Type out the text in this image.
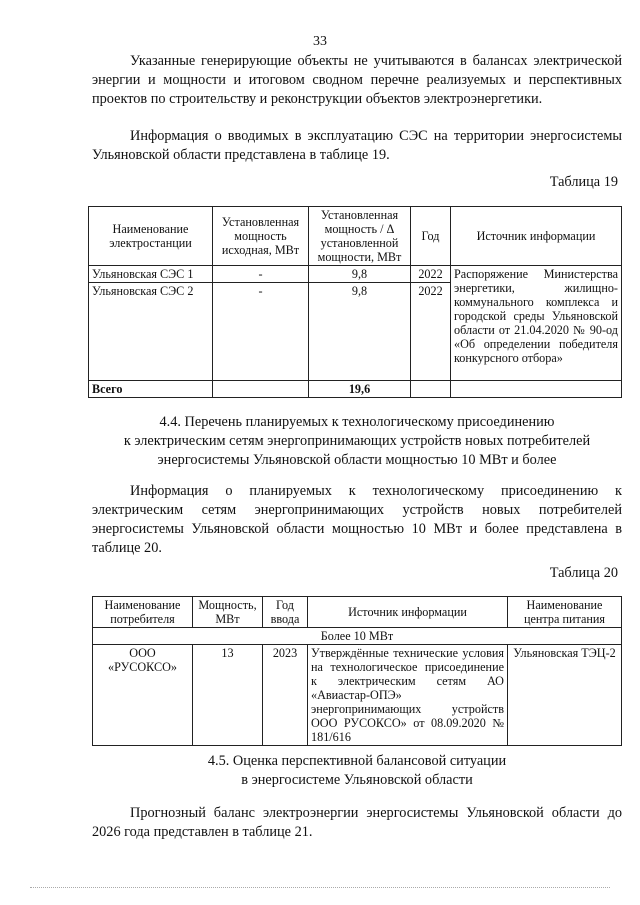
33
Указанные генерирующие объекты не учитываются в балансах электрической энергии и мощности и итоговом сводном перечне реализуемых и перспективных проектов по строительству и реконструкции объектов электроэнергетики.
Информация о вводимых в эксплуатацию СЭС на территории энергосистемы Ульяновской области представлена в таблице 19.
Таблица 19
Наименование электростанции	Установленная мощность исходная, МВт	Установленная мощность / Δ установленной мощности, МВт	Год	Источник информации
Ульяновская СЭС 1	-	9,8	2022	Распоряжение Министерства энергетики, жилищно-коммунального комплекса и городской среды Ульяновской области от 21.04.2020 № 90-од «Об определении победителя конкурсного отбора»
Ульяновская СЭС 2	-	9,8	2022	
Всего		19,6		
4.4. Перечень планируемых к технологическому присоединению
к электрическим сетям энергопринимающих устройств новых потребителей
энергосистемы Ульяновской области мощностью 10 МВт и более
Информация о планируемых к технологическому присоединению к электрическим сетям энергопринимающих устройств новых потребителей энергосистемы Ульяновской области мощностью 10 МВт и более представлена в таблице 20.
Таблица 20
Наименование потребителя	Мощность, МВт	Год ввода	Источник информации	Наименование центра питания
Более 10 МВт				
ООО «РУСОКСО»	13	2023	Утверждённые технические условия на технологическое присоединение к электрическим сетям АО «Авиастар-ОПЭ» энергопринимающих устройств ООО РУСОКСО» от 08.09.2020 № 181/616	Ульяновская ТЭЦ-2
4.5. Оценка перспективной балансовой ситуации
в энергосистеме Ульяновской области
Прогнозный баланс электроэнергии энергосистемы Ульяновской области до 2026 года представлен в таблице 21.
